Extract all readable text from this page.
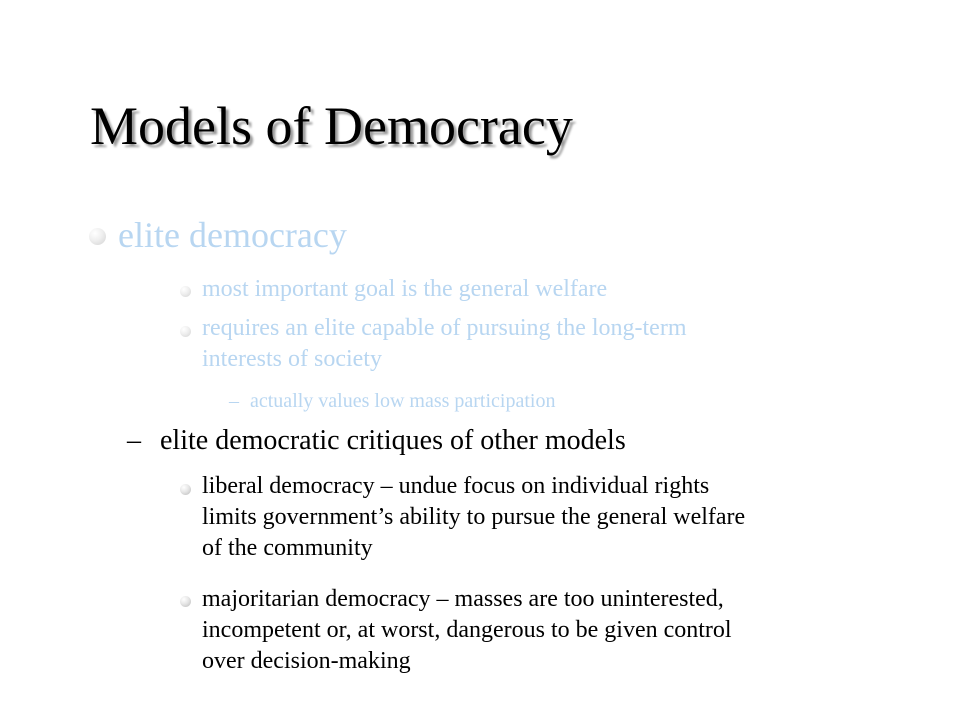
Models of Democracy
elite democracy
most important goal is the general welfare
requires an elite capable of pursuing the long-term
interests of society
– actually values low mass participation
– elite democratic critiques of other models
liberal democracy – undue focus on individual rights
limits government’s ability to pursue the general welfare
of the community
majoritarian democracy – masses are too uninterested,
incompetent or, at worst, dangerous to be given control
over decision-making
